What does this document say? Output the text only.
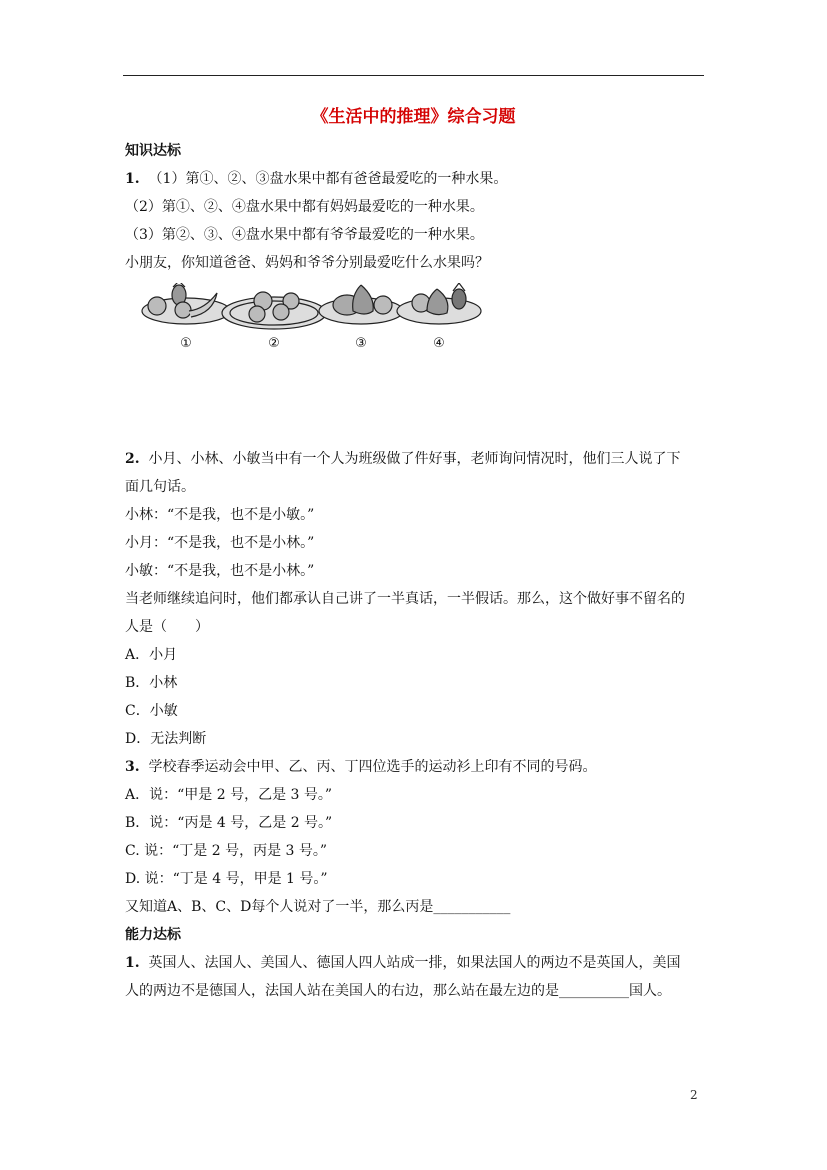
《生活中的推理》综合习题
知识达标
1. （1）第①、②、③盘水果中都有爸爸最爱吃的一种水果。
（2）第①、②、④盘水果中都有妈妈最爱吃的一种水果。
（3）第②、③、④盘水果中都有爷爷最爱吃的一种水果。
小朋友，你知道爸爸、妈妈和爷爷分别最爱吃什么水果吗？
①	②	③	④
2. 小月、小林、小敏当中有一个人为班级做了件好事，老师询问情况时，他们三人说了下
面几句话。
小林：“不是我，也不是小敏。”
小月：“不是我，也不是小林。”
小敏：“不是我，也不是小林。”
当老师继续追问时，他们都承认自己讲了一半真话，一半假话。那么，这个做好事不留名的
人是（　　）
A．小月
B．小林
C．小敏
D．无法判断
3. 学校春季运动会中甲、乙、丙、丁四位选手的运动衫上印有不同的号码。
A．说：“甲是 2 号，乙是 3 号。”
B．说：“丙是 4 号，乙是 2 号。”
C. 说：“丁是 2 号，丙是 3 号。”
D. 说：“丁是 4 号，甲是 1 号。”
又知道A、B、C、D每个人说对了一半，那么丙是___________
能力达标
1. 英国人、法国人、美国人、德国人四人站成一排，如果法国人的两边不是英国人，美国
人的两边不是德国人，法国人站在美国人的右边，那么站在最左边的是__________国人。
2
